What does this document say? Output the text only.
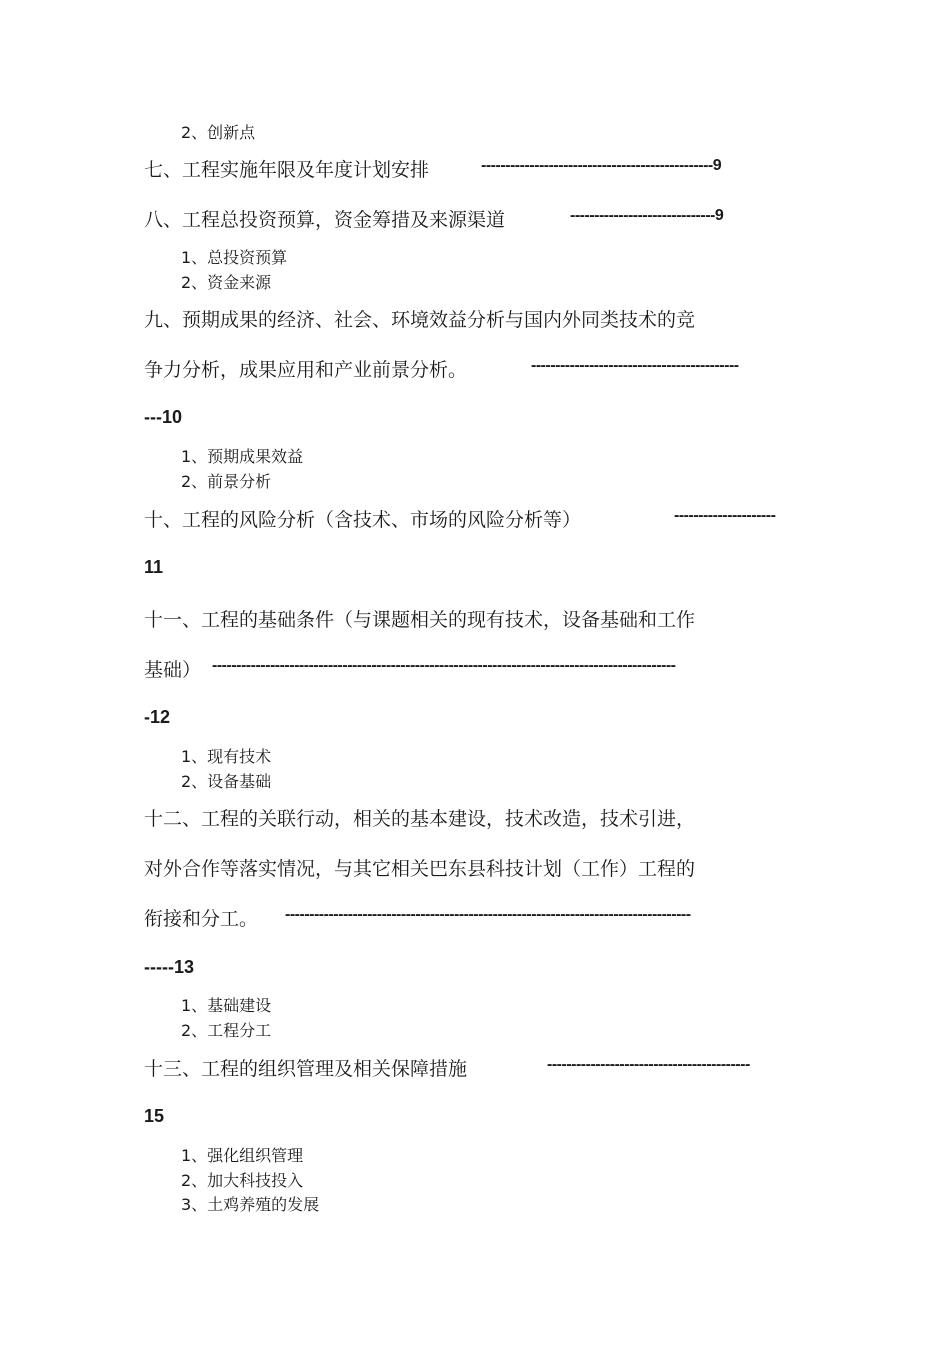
2、创新点
七、工程实施年限及年度计划安排	------------------------------------------------9
八、工程总投资预算，资金筹措及来源渠道	------------------------------9
1、总投资预算
2、资金来源
九、预期成果的经济、社会、环境效益分析与国内外同类技术的竞
争力分析，成果应用和产业前景分析。	-------------------------------------------
---10
1、预期成果效益
2、前景分析
十、工程的风险分析（含技术、市场的风险分析等）	---------------------
11
十一、工程的基础条件（与课题相关的现有技术，设备基础和工作
基础） ------------------------------------------------------------------------------------------------
-12
1、现有技术
2、设备基础
十二、工程的关联行动，相关的基本建设，技术改造，技术引进，
对外合作等落实情况，与其它相关巴东县科技计划（工作）工程的
衔接和分工。 ------------------------------------------------------------------------------------
-----13
1、基础建设
2、工程分工
十三、工程的组织管理及相关保障措施	------------------------------------------
15
1、强化组织管理
2、加大科技投入
3、土鸡养殖的发展
